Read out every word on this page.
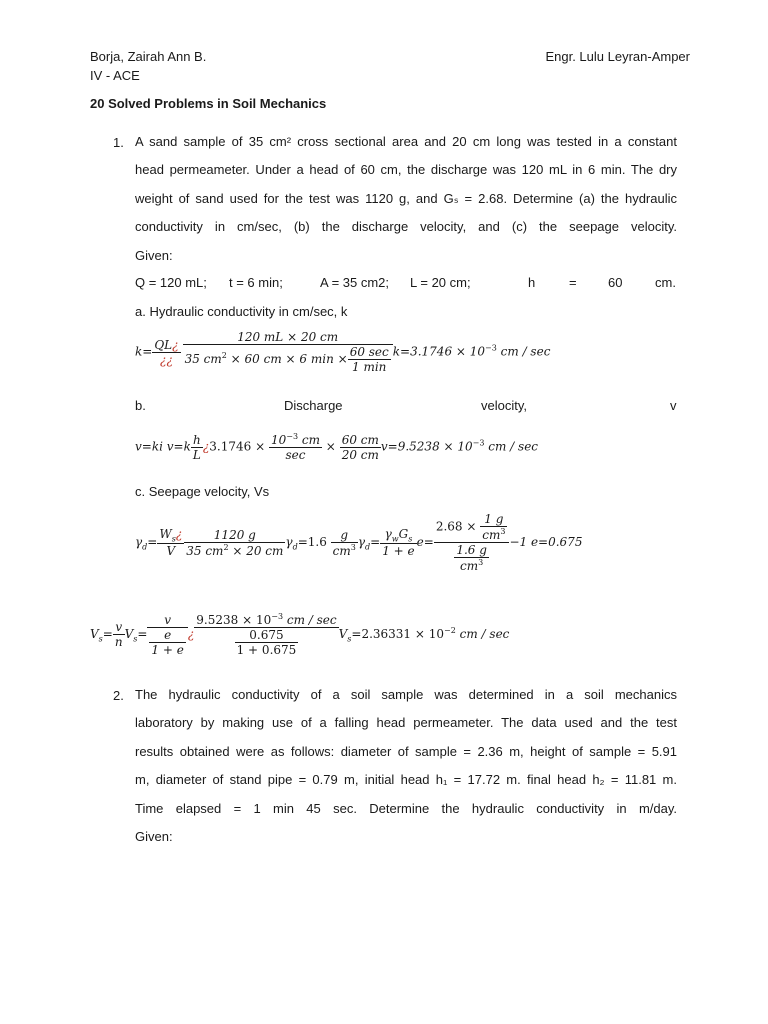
Borja, Zairah Ann B.
IV - ACE
Engr. Lulu Leyran-Amper
20 Solved Problems in Soil Mechanics
1. A sand sample of 35 cm² cross sectional area and 20 cm long was tested in a constant
head permeameter. Under a head of 60 cm, the discharge was 120 mL in 6 min. The dry
weight of sand used for the test was 1120 g, and Gₛ = 2.68. Determine (a) the hydraulic
conductivity in cm/sec, (b) the discharge velocity, and (c) the seepage velocity.
Given:
Q = 120 mL; t = 6 min;	A = 35 cm2; L = 20 cm;	h	= 60	cm.
a. Hydraulic conductivity in cm/sec, k
$k= \frac{QL¿}{¿¿} \frac{120 mL \times 20 cm}{35 cm^2 \times 60 cm \times 6 \min \times \frac{60 \sec}{1 \min}} k=3.1746 \times 10^{-3}$ cm / sec
b.	Discharge	velocity,	v
v=ki $v=k \frac{h}{L}$ ¿$3.1746 \times \frac{10^{-3} cm}{\sec} \times \frac{60 cm}{20 cm} v=9.5238 \times 10^{-3}$ cm / sec
c. Seepage velocity, Vs
$\gamma_d= \frac{W_s¿}{V} \frac{1120 g}{35 cm^2 \times 20 cm} \gamma_d=1.6 \frac{g}{cm^3} \gamma_d= \frac{\gamma_wG_s}{1 + e} e= \frac{2.68 \times \frac{1 g}{cm^3}}{\frac{1.6 g}{cm^3}} -1$ e=0.675
$V_s= \frac{v}{n} V_s= \frac{v}{\frac{e}{1 + e}}$ ¿ $\frac{9.5238 \times 10^{-3} cm / \sec}{\frac{0.675}{1 + 0.675}} V_s=2.36331 \times 10^{-2}$ cm / sec
2. The hydraulic conductivity of a soil sample was determined in a soil mechanics
laboratory by making use of a falling head permeameter. The data used and the test
results obtained were as follows: diameter of sample = 2.36 m, height of sample = 5.91
m, diameter of stand pipe = 0.79 m, initial head h₁ = 17.72 m. final head h₂ = 11.81 m.
Time elapsed = 1 min 45 sec. Determine the hydraulic conductivity in m/day.
Given:
